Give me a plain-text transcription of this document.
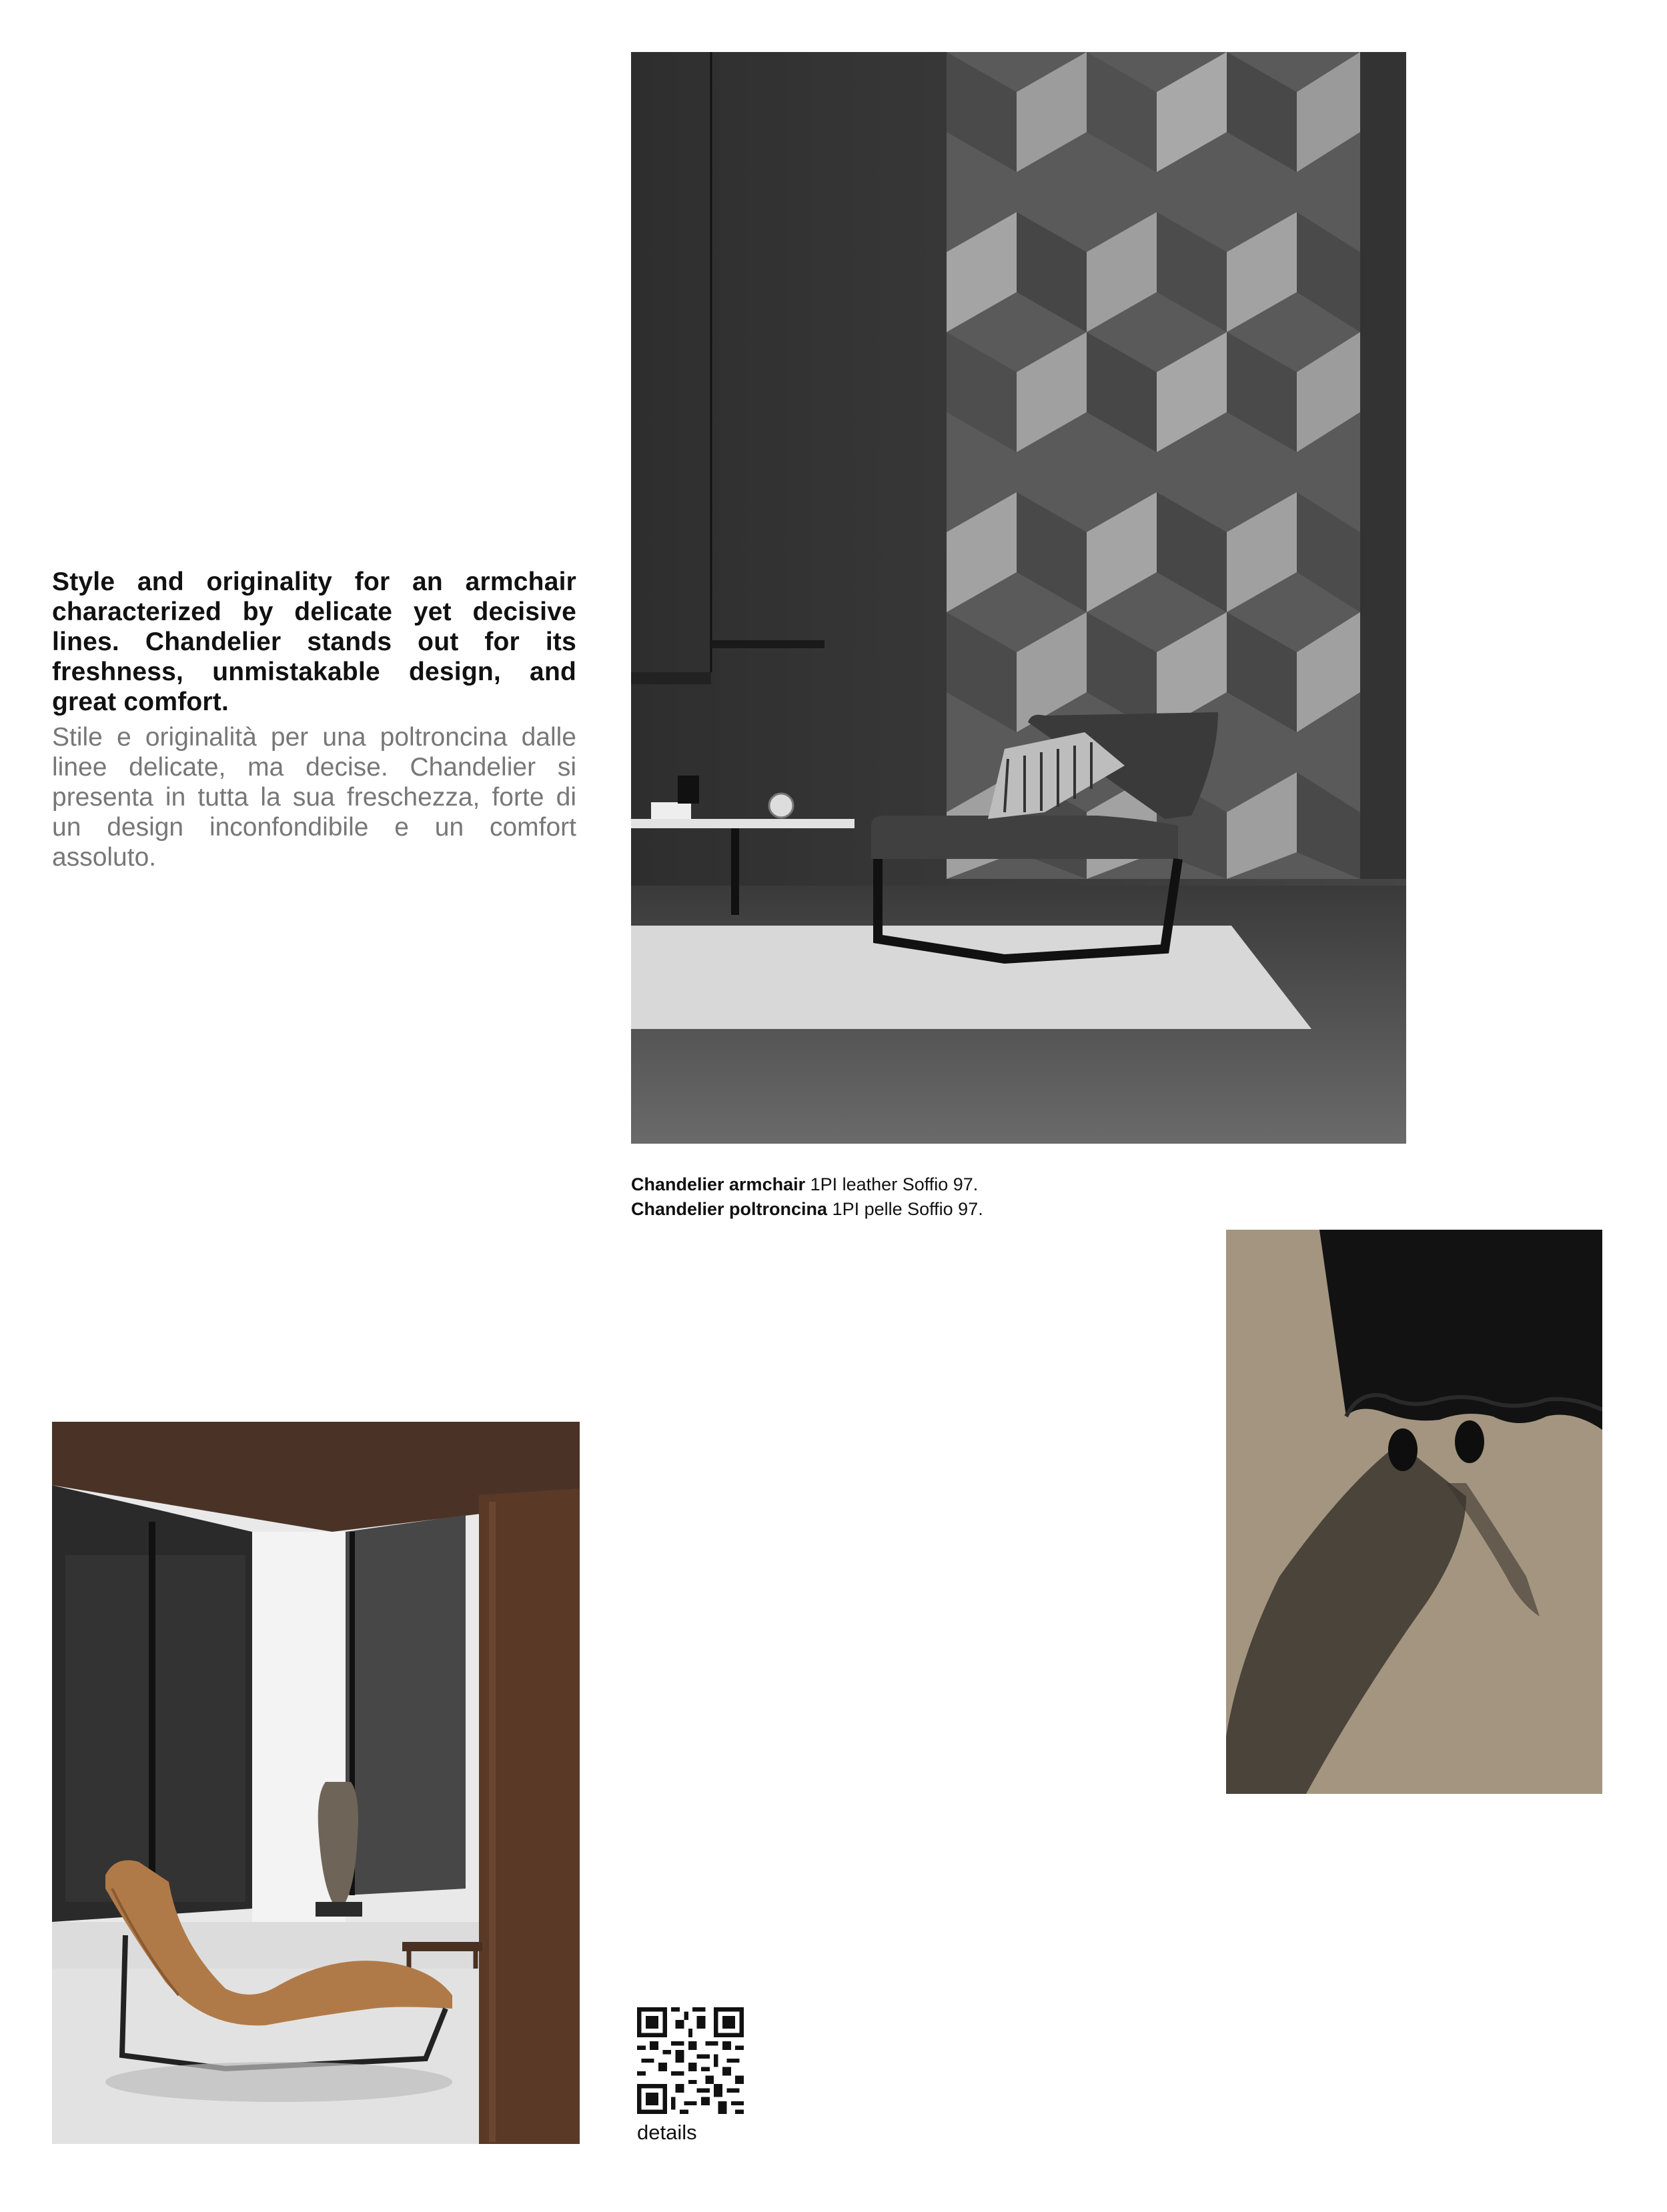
Style and originality for an armchair characterized by delicate yet decisive lines. Chandelier stands out for its freshness, unmistakable design, and great comfort.

Stile e originalità per una poltroncina dalle linee delicate, ma decise. Chandelier si presenta in tutta la sua freschezza, forte di un design inconfondibile e un comfort assoluto.

Chandelier armchair 1PI leather Soffio 97.
Chandelier poltroncina 1PI pelle Soffio 97.
details
